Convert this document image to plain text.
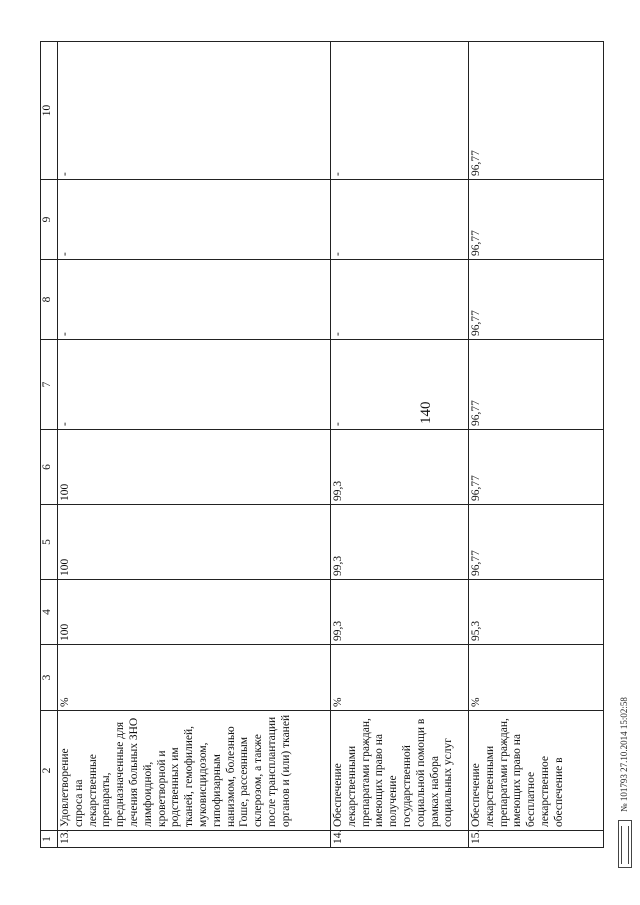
140
1	2	3	4	5	6	7	8	9	10
13.	Удовлетворение спроса на лекарственные препараты, предназначенные для лечения больных ЗНО лимфоидной, кроветворной и родственных им тканей, гемофилией, муковисцидозом, гипофизарным нанизмом, болезнью Гоше, рассеянным склерозом, а также после трансплантации органов и (или) тканей	%	100	100	100	-	-	-	-
14.	Обеспечение лекарственными препаратами граждан, имеющих право на получение государственной социальной помощи в рамках набора социальных услуг	%	99,3	99,3	99,3	-	-	-	-
15.	Обеспечение лекарственными препаратами граждан, имеющих право на бесплатное лекарственное обеспечение в	%	95,3	96,77	96,77	96,77	96,77	96,77	96,77
№ 101793 27.10.2014 15:02:58
